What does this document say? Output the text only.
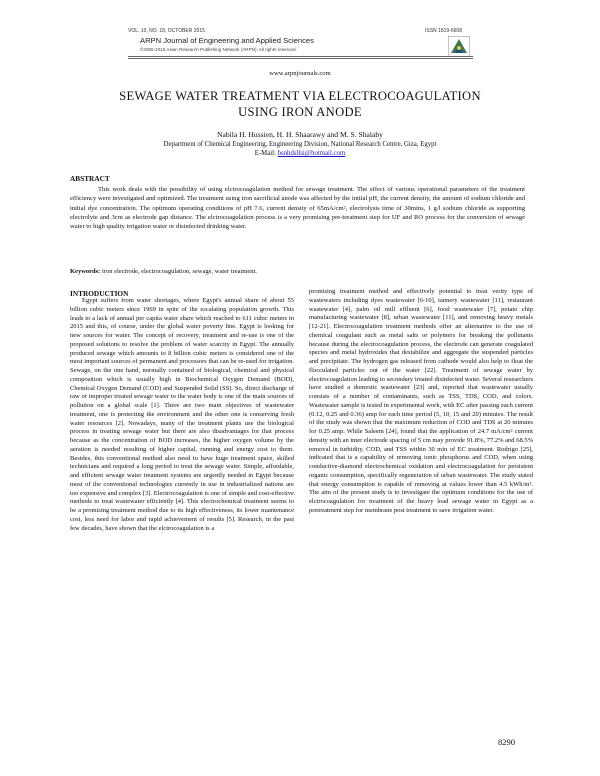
VOL. 10, NO. 18, OCTOBER 2015	ISSN 1819-6608
ARPN Journal of Engineering and Applied Sciences
©2006-2015 Asian Research Publishing Network (ARPN). All rights reserved.
www.arpnjournals.com
SEWAGE WATER TREATMENT VIA ELECTROCOAGULATION
USING IRON ANODE
Nabila H. Hussien, H. H. Shaarawy and M. S. Shalaby
Department of Chemical Engineering, Engineering Division, National Research Centre, Giza, Egypt
E-Mail: bsnhdsllsi@hotmail.com
ABSTRACT

This work deals with the possibility of using elctrocoagulation method for sewage treatment. The effect of various operational parameters of the treatment efficiency were investigated and optimized. The treatment using iron sacrificial anode was affected by the initial pH, the current density, the amount of sodium chloride and initial dye concentration. The optimum operating conditions of pH 7.6, current density of 65mA/cm², electrolysis time of 30mins, 1 g/l sodium chloride as supporting electrolyte and 3cm as electrode gap distance. The elctrocoagulation process is a very promising pre-treatment step for UF and RO process for the conversion of sewage water to high quality irrigation water or disinfected drinking water.

Keywords: iron electrode, electrocoagulation, sewage, water treatment.
INTRODUCTION

Egypt suffers from water shortages, where Egypt's annual share of about 55 billion cubic meters since 1969 in spite of the escalating population growth. This leads to a lack of annual per capita water share which reached to 611 cubic meters in 2015 and this, of course, under the global water poverty line. Egypt is looking for new sources for water. The concept of recovery, treatment and re-use is one of the proposed solutions to resolve the problem of water scarcity in Egypt. The annually produced sewage which amounts to 8 billion cubic meters is considered one of the most important sources of permanent and processors that can be re-used for irrigation. Sewage, on the one hand, normally contained of biological, chemical and physical composition which is usually high in Biochemical Oxygen Demand (BOD), Chemical Oxygen Demand (COD) and Suspended Solid (SS). So, direct discharge of raw or improper treated sewage water to the water body is one of the main sources of pollution on a global scale [1]. There are two main objectives of wastewater treatment, one is protecting the environment and the other one is conserving fresh water resources [2]. Nowadays, many of the treatment plants use the biological process in treating sewage water but there are also disadvantages for that process because as the concentration of BOD increases, the higher oxygen volume by the aeration is needed resulting of higher capital, running and energy cost to them. Besides, this conventional method also need to have huge treatment space, skilled technicians and required a long period to treat the sewage water. Simple, affordable, and efficient sewage water treatment systems are urgently needed in Egypt because most of the conventional technologies currently in use in industrialized nations are too expensive and complex [3]. Electrocoagulation is one of simple and cost-effective methods to treat wastewater efficiently [4]. This electrochemical treatment seems to be a promising treatment method due to its high effectiveness, its lower maintenance cost, less need for labor and rapid achievement of results [5]. Research, in the past few decades, have shown that the elctrocoagulation is a

promising treatment method and effectively potential to treat verity type of wastewaters including dyes wastewater [6-10], tannery wastewater [11], restaurant wastewater [4], palm oil mill effluent [6], food wastewater [7], potato chip manufacturing wastewater [8], urban wastewater [11], and removing heavy metals [12-21]. Electrocoagulation treatment methods offer an alternative to the use of chemical coagulant such as metal salts or polymers for breaking the pollutants because during the electrocoagulation process, the electrode can generate coagulated species and metal hydroxides that destabilize and aggregate the suspended particles and precipitate. The hydrogen gas released from cathode would also help to float the flocculated particles out of the water [22]. Treatment of sewage water by electrocoagulation leading to secondary treated disinfected water. Several researchers have studied a domestic wastewater [23] and, reported that wastewater usually consists of a number of contaminants, such as TSS, TDS, COD, and colors. Wastewater sample is tested in experimental work, with EC after passing each current (0.12, 0.25 and 0.36) amp for each time period (5, 10, 15 and 20) minutes. The result of the study was shown that the maximum reduction of COD and TDS at 20 minutes for 0.25 amp. While Saleem [24], found that the application of 24.7 mA/cm² current density with an inter electrode spacing of 5 cm may provide 91.8%, 77.2% and 68.5% removal in turbidity, COD, and TSS within 30 min of EC treatment. Rodrigo [25], indicated that is a capability of removing ionic phosphorus and COD, when using conductive-diamond electrochemical oxidation and electrocoagulation for persistent organic consumption, specifically regeneration of urban wastewater. The study stated that energy consumption is capable of removing at values lower than 4.5 kWh/m³. The aim of the present study is to investigate the optimum conditions for the use of elctrocoagulation for treatment of the heavy load sewage water in Egypt as a pretreatment step for membrane post treatment to save irrigation water.

8290
